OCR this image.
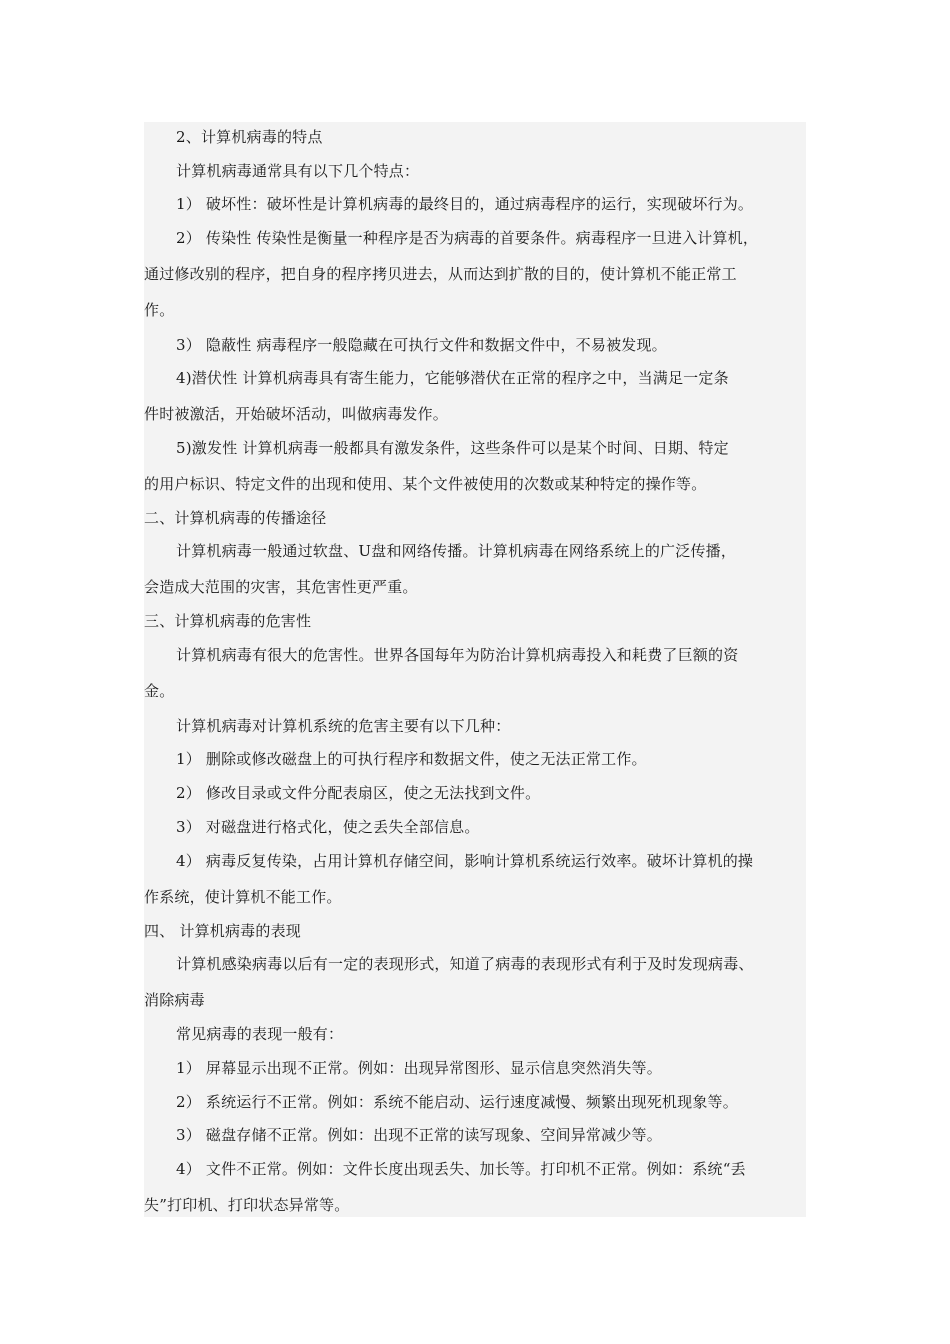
2、计算机病毒的特点
计算机病毒通常具有以下几个特点：
1） 破坏性：破坏性是计算机病毒的最终目的，通过病毒程序的运行，实现破坏行为。
2） 传染性 传染性是衡量一种程序是否为病毒的首要条件。病毒程序一旦进入计算机，
通过修改别的程序，把自身的程序拷贝进去，从而达到扩散的目的，使计算机不能正常工
作。
3） 隐蔽性 病毒程序一般隐藏在可执行文件和数据文件中，不易被发现。
4)潜伏性 计算机病毒具有寄生能力，它能够潜伏在正常的程序之中，当满足一定条
件时被激活，开始破坏活动，叫做病毒发作。
5)激发性 计算机病毒一般都具有激发条件，这些条件可以是某个时间、日期、特定
的用户标识、特定文件的出现和使用、某个文件被使用的次数或某种特定的操作等。
二、计算机病毒的传播途径
计算机病毒一般通过软盘、U盘和网络传播。计算机病毒在网络系统上的广泛传播，
会造成大范围的灾害，其危害性更严重。
三、计算机病毒的危害性
计算机病毒有很大的危害性。世界各国每年为防治计算机病毒投入和耗费了巨额的资
金。
计算机病毒对计算机系统的危害主要有以下几种：
1） 删除或修改磁盘上的可执行程序和数据文件，使之无法正常工作。
2） 修改目录或文件分配表扇区，使之无法找到文件。
3） 对磁盘进行格式化，使之丢失全部信息。
4） 病毒反复传染，占用计算机存储空间，影响计算机系统运行效率。破坏计算机的操
作系统，使计算机不能工作。
四、 计算机病毒的表现
计算机感染病毒以后有一定的表现形式，知道了病毒的表现形式有利于及时发现病毒、
消除病毒
常见病毒的表现一般有：
1） 屏幕显示出现不正常。例如：出现异常图形、显示信息突然消失等。
2） 系统运行不正常。例如：系统不能启动、运行速度减慢、频繁出现死机现象等。
3） 磁盘存储不正常。例如：出现不正常的读写现象、空间异常减少等。
4） 文件不正常。例如：文件长度出现丢失、加长等。打印机不正常。例如：系统“丢
失”打印机、打印状态异常等。
